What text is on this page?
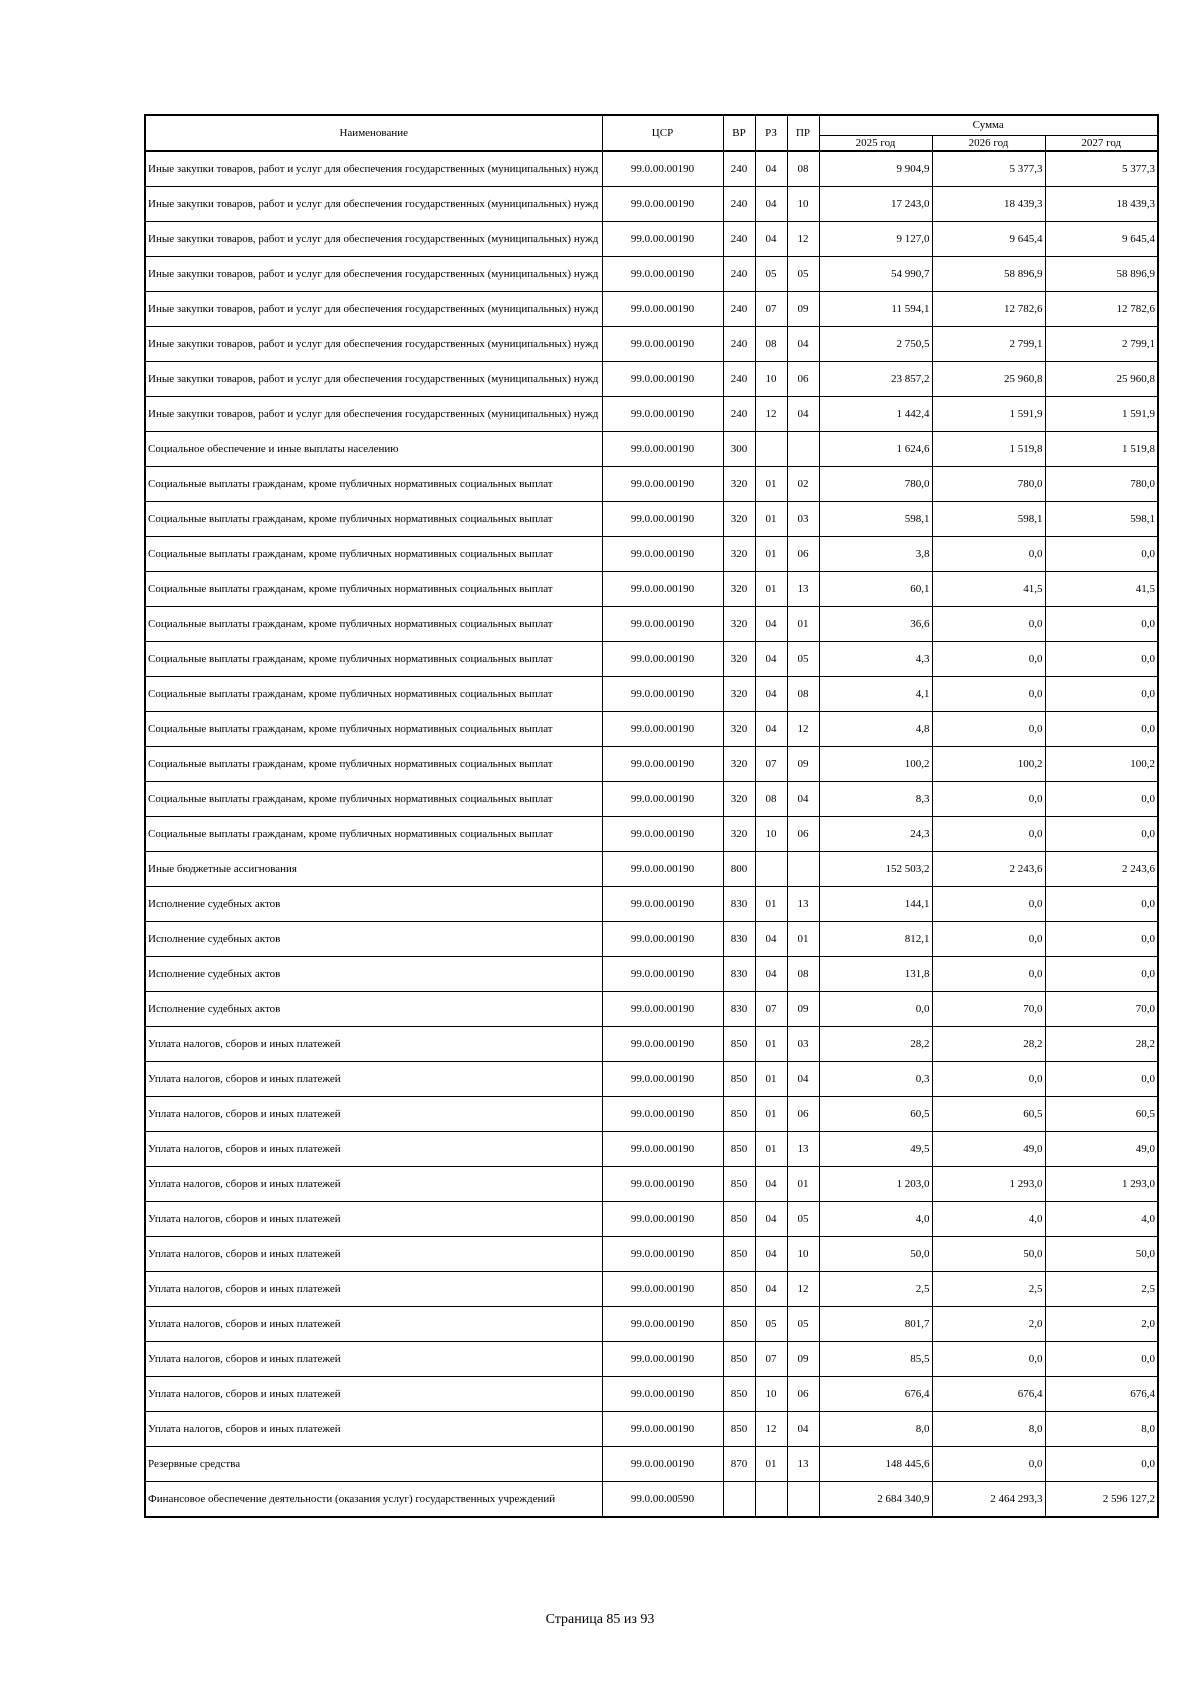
Наименование	ЦСР	ВР	РЗ	ПР	Сумма		
					2025 год	2026 год	2027 год
Иные закупки товаров, работ и услуг для обеспечения государственных (муниципальных) нужд	99.0.00.00190	240	04	08	9 904,9	5 377,3	5 377,3
Иные закупки товаров, работ и услуг для обеспечения государственных (муниципальных) нужд	99.0.00.00190	240	04	10	17 243,0	18 439,3	18 439,3
Иные закупки товаров, работ и услуг для обеспечения государственных (муниципальных) нужд	99.0.00.00190	240	04	12	9 127,0	9 645,4	9 645,4
Иные закупки товаров, работ и услуг для обеспечения государственных (муниципальных) нужд	99.0.00.00190	240	05	05	54 990,7	58 896,9	58 896,9
Иные закупки товаров, работ и услуг для обеспечения государственных (муниципальных) нужд	99.0.00.00190	240	07	09	11 594,1	12 782,6	12 782,6
Иные закупки товаров, работ и услуг для обеспечения государственных (муниципальных) нужд	99.0.00.00190	240	08	04	2 750,5	2 799,1	2 799,1
Иные закупки товаров, работ и услуг для обеспечения государственных (муниципальных) нужд	99.0.00.00190	240	10	06	23 857,2	25 960,8	25 960,8
Иные закупки товаров, работ и услуг для обеспечения государственных (муниципальных) нужд	99.0.00.00190	240	12	04	1 442,4	1 591,9	1 591,9
Социальное обеспечение и иные выплаты населению	99.0.00.00190	300			1 624,6	1 519,8	1 519,8
Социальные выплаты гражданам, кроме публичных нормативных социальных выплат	99.0.00.00190	320	01	02	780,0	780,0	780,0
Социальные выплаты гражданам, кроме публичных нормативных социальных выплат	99.0.00.00190	320	01	03	598,1	598,1	598,1
Социальные выплаты гражданам, кроме публичных нормативных социальных выплат	99.0.00.00190	320	01	06	3,8	0,0	0,0
Социальные выплаты гражданам, кроме публичных нормативных социальных выплат	99.0.00.00190	320	01	13	60,1	41,5	41,5
Социальные выплаты гражданам, кроме публичных нормативных социальных выплат	99.0.00.00190	320	04	01	36,6	0,0	0,0
Социальные выплаты гражданам, кроме публичных нормативных социальных выплат	99.0.00.00190	320	04	05	4,3	0,0	0,0
Социальные выплаты гражданам, кроме публичных нормативных социальных выплат	99.0.00.00190	320	04	08	4,1	0,0	0,0
Социальные выплаты гражданам, кроме публичных нормативных социальных выплат	99.0.00.00190	320	04	12	4,8	0,0	0,0
Социальные выплаты гражданам, кроме публичных нормативных социальных выплат	99.0.00.00190	320	07	09	100,2	100,2	100,2
Социальные выплаты гражданам, кроме публичных нормативных социальных выплат	99.0.00.00190	320	08	04	8,3	0,0	0,0
Социальные выплаты гражданам, кроме публичных нормативных социальных выплат	99.0.00.00190	320	10	06	24,3	0,0	0,0
Иные бюджетные ассигнования	99.0.00.00190	800			152 503,2	2 243,6	2 243,6
Исполнение судебных актов	99.0.00.00190	830	01	13	144,1	0,0	0,0
Исполнение судебных актов	99.0.00.00190	830	04	01	812,1	0,0	0,0
Исполнение судебных актов	99.0.00.00190	830	04	08	131,8	0,0	0,0
Исполнение судебных актов	99.0.00.00190	830	07	09	0,0	70,0	70,0
Уплата налогов, сборов и иных платежей	99.0.00.00190	850	01	03	28,2	28,2	28,2
Уплата налогов, сборов и иных платежей	99.0.00.00190	850	01	04	0,3	0,0	0,0
Уплата налогов, сборов и иных платежей	99.0.00.00190	850	01	06	60,5	60,5	60,5
Уплата налогов, сборов и иных платежей	99.0.00.00190	850	01	13	49,5	49,0	49,0
Уплата налогов, сборов и иных платежей	99.0.00.00190	850	04	01	1 203,0	1 293,0	1 293,0
Уплата налогов, сборов и иных платежей	99.0.00.00190	850	04	05	4,0	4,0	4,0
Уплата налогов, сборов и иных платежей	99.0.00.00190	850	04	10	50,0	50,0	50,0
Уплата налогов, сборов и иных платежей	99.0.00.00190	850	04	12	2,5	2,5	2,5
Уплата налогов, сборов и иных платежей	99.0.00.00190	850	05	05	801,7	2,0	2,0
Уплата налогов, сборов и иных платежей	99.0.00.00190	850	07	09	85,5	0,0	0,0
Уплата налогов, сборов и иных платежей	99.0.00.00190	850	10	06	676,4	676,4	676,4
Уплата налогов, сборов и иных платежей	99.0.00.00190	850	12	04	8,0	8,0	8,0
Резервные средства	99.0.00.00190	870	01	13	148 445,6	0,0	0,0
Финансовое обеспечение деятельности (оказания услуг) государственных учреждений	99.0.00.00590				2 684 340,9	2 464 293,3	2 596 127,2
Страница 85 из 93
